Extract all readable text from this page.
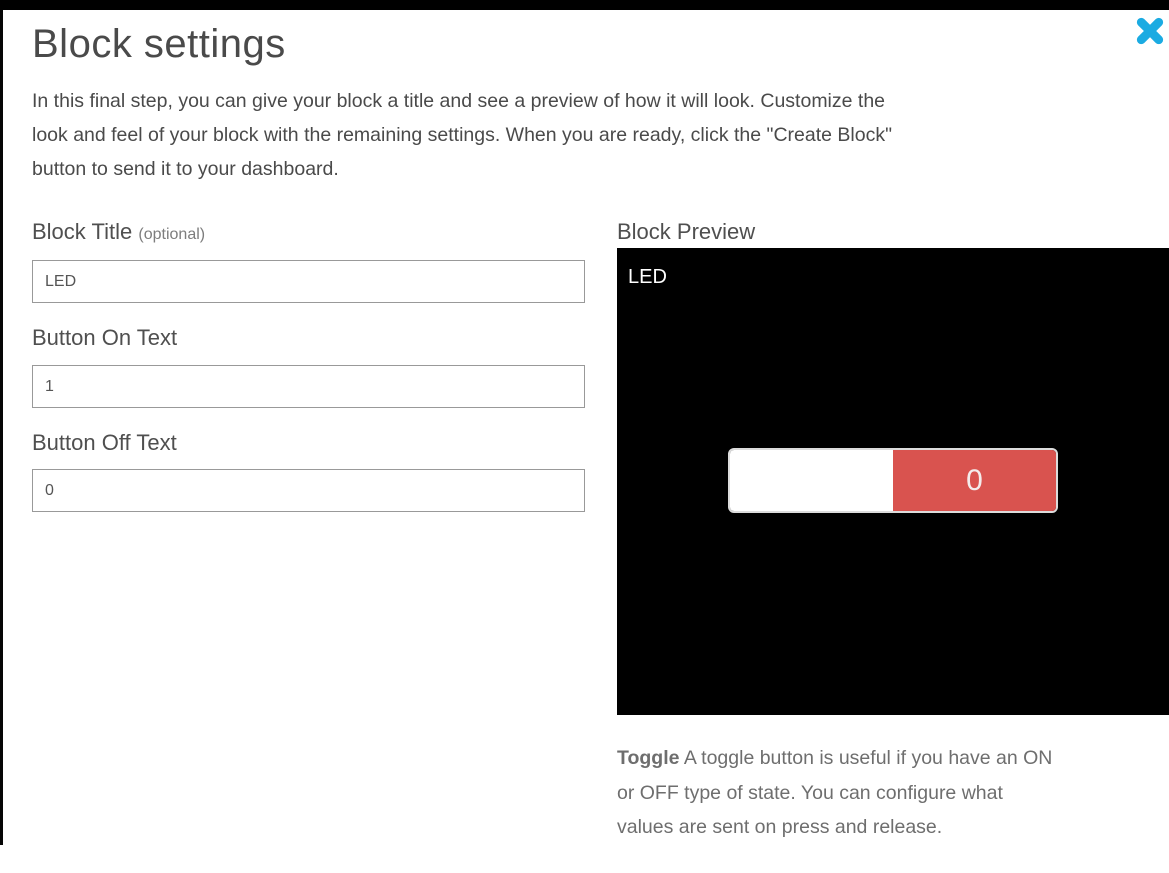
Block settings

In this final step, you can give your block a title and see a preview of how it will look. Customize the
look and feel of your block with the remaining settings. When you are ready, click the "Create Block"
button to send it to your dashboard.

Block Title (optional)
LED
Button On Text
1
Button Off Text
0
Block Preview
LED
0
Toggle A toggle button is useful if you have an ON
or OFF type of state. You can configure what
values are sent on press and release.
